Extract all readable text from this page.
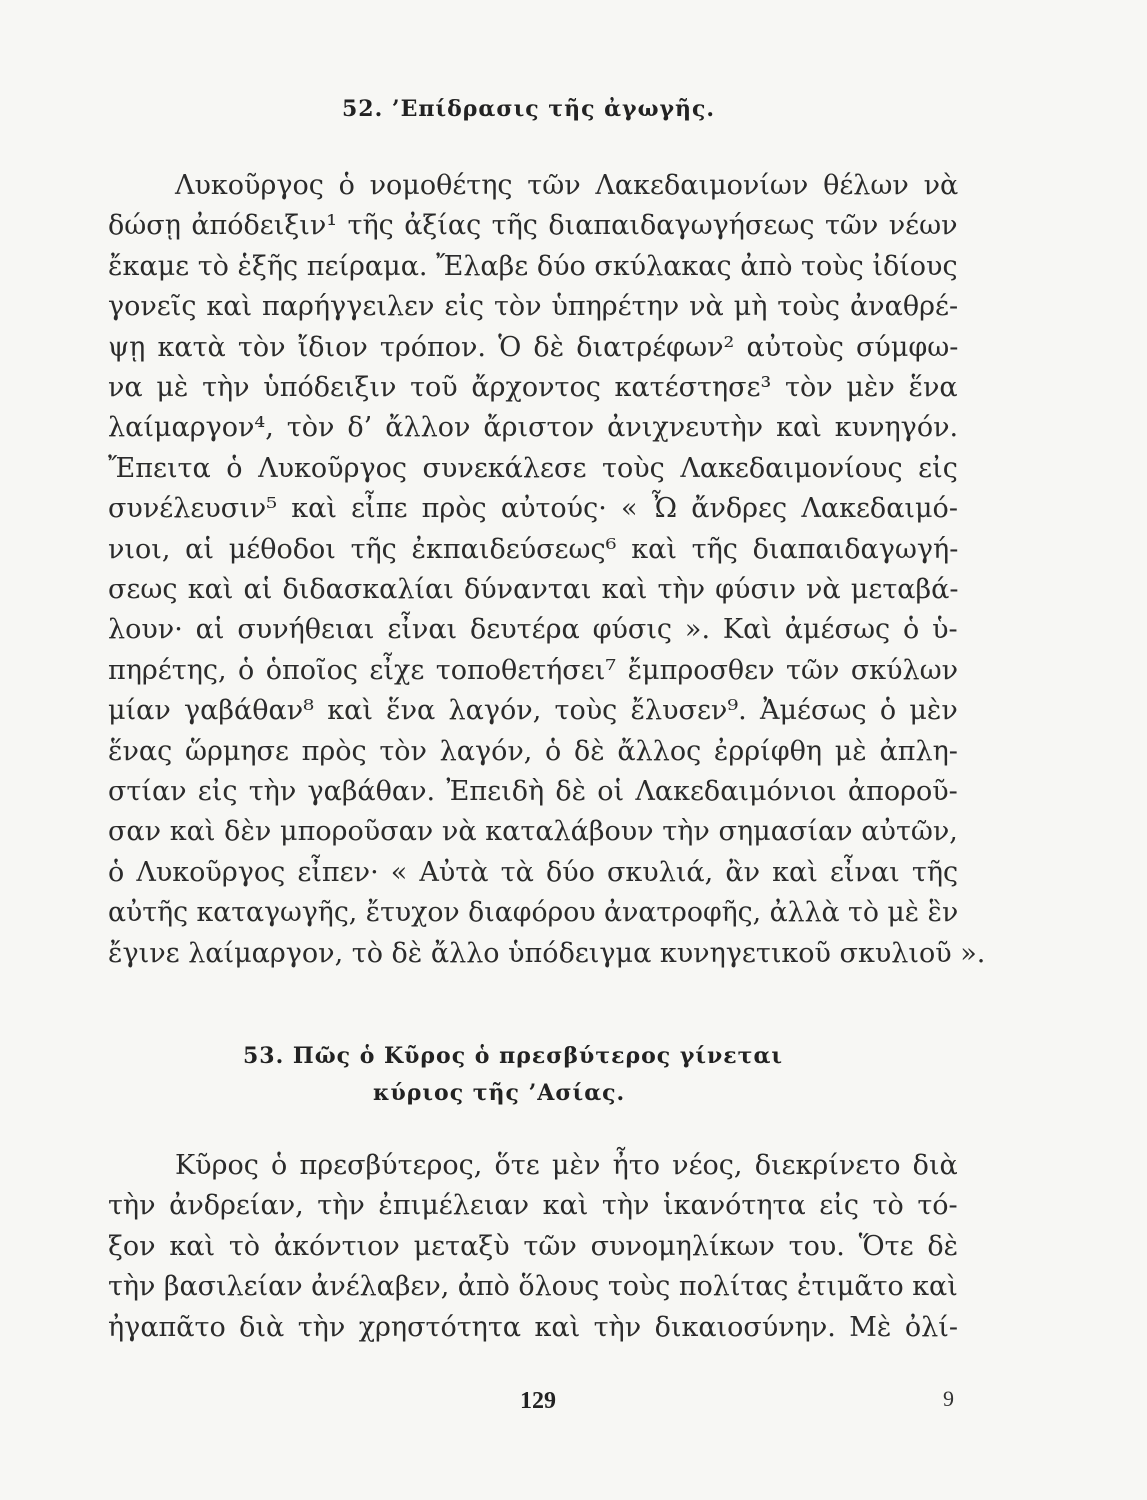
52. ’Επίδρασις τῆς ἀγωγῆς.
Λυκοῦργος ὁ νομοθέτης τῶν Λακεδαιμονίων θέλων νὰ
δώσῃ ἀπόδειξιν¹ τῆς ἀξίας τῆς διαπαιδαγωγήσεως τῶν νέων
ἔκαμε τὸ ἑξῆς πείραμα. Ἔλαβε δύο σκύλακας ἀπὸ τοὺς ἰδίους
γονεῖς καὶ παρήγγειλεν εἰς τὸν ὑπηρέτην νὰ μὴ τοὺς ἀναθρέ-
ψῃ κατὰ τὸν ἴδιον τρόπον. Ὁ δὲ διατρέφων² αὐτοὺς σύμφω-
να μὲ τὴν ὑπόδειξιν τοῦ ἄρχοντος κατέστησε³ τὸν μὲν ἕνα
λαίμαργον⁴, τὸν δ’ ἄλλον ἄριστον ἀνιχνευτὴν καὶ κυνηγόν.
Ἔπειτα ὁ Λυκοῦργος συνεκάλεσε τοὺς Λακεδαιμονίους εἰς
συνέλευσιν⁵ καὶ εἶπε πρὸς αὐτούς· « Ὦ ἄνδρες Λακεδαιμό-
νιοι, αἱ μέθοδοι τῆς ἐκπαιδεύσεως⁶ καὶ τῆς διαπαιδαγωγή-
σεως καὶ αἱ διδασκαλίαι δύνανται καὶ τὴν φύσιν νὰ μεταβά-
λουν· αἱ συνήθειαι εἶναι δευτέρα φύσις ». Καὶ ἀμέσως ὁ ὑ-
πηρέτης, ὁ ὁποῖος εἶχε τοποθετήσει⁷ ἔμπροσθεν τῶν σκύλων
μίαν γαβάθαν⁸ καὶ ἕνα λαγόν, τοὺς ἔλυσεν⁹. Ἀμέσως ὁ μὲν
ἕνας ὥρμησε πρὸς τὸν λαγόν, ὁ δὲ ἄλλος ἐρρίφθη μὲ ἀπλη-
στίαν εἰς τὴν γαβάθαν. Ἐπειδὴ δὲ οἱ Λακεδαιμόνιοι ἀποροῦ-
σαν καὶ δὲν μποροῦσαν νὰ καταλάβουν τὴν σημασίαν αὐτῶν,
ὁ Λυκοῦργος εἶπεν· « Αὐτὰ τὰ δύο σκυλιά, ἂν καὶ εἶναι τῆς
αὐτῆς καταγωγῆς, ἔτυχον διαφόρου ἀνατροφῆς, ἀλλὰ τὸ μὲ ἓν
ἔγινε λαίμαργον, τὸ δὲ ἄλλο ὑπόδειγμα κυνηγετικοῦ σκυλιοῦ ».
53. Πῶς ὁ Κῦρος ὁ πρεσβύτερος γίνεται
κύριος τῆς ’Ασίας.
Κῦρος ὁ πρεσβύτερος, ὅτε μὲν ἦτο νέος, διεκρίνετο διὰ
τὴν ἀνδρείαν, τὴν ἐπιμέλειαν καὶ τὴν ἱκανότητα εἰς τὸ τό-
ξον καὶ τὸ ἀκόντιον μεταξὺ τῶν συνομηλίκων του. Ὅτε δὲ
τὴν βασιλείαν ἀνέλαβεν, ἀπὸ ὅλους τοὺς πολίτας ἐτιμᾶτο καὶ
ἠγαπᾶτο διὰ τὴν χρηστότητα καὶ τὴν δικαιοσύνην. Μὲ ὀλί-
129	9
